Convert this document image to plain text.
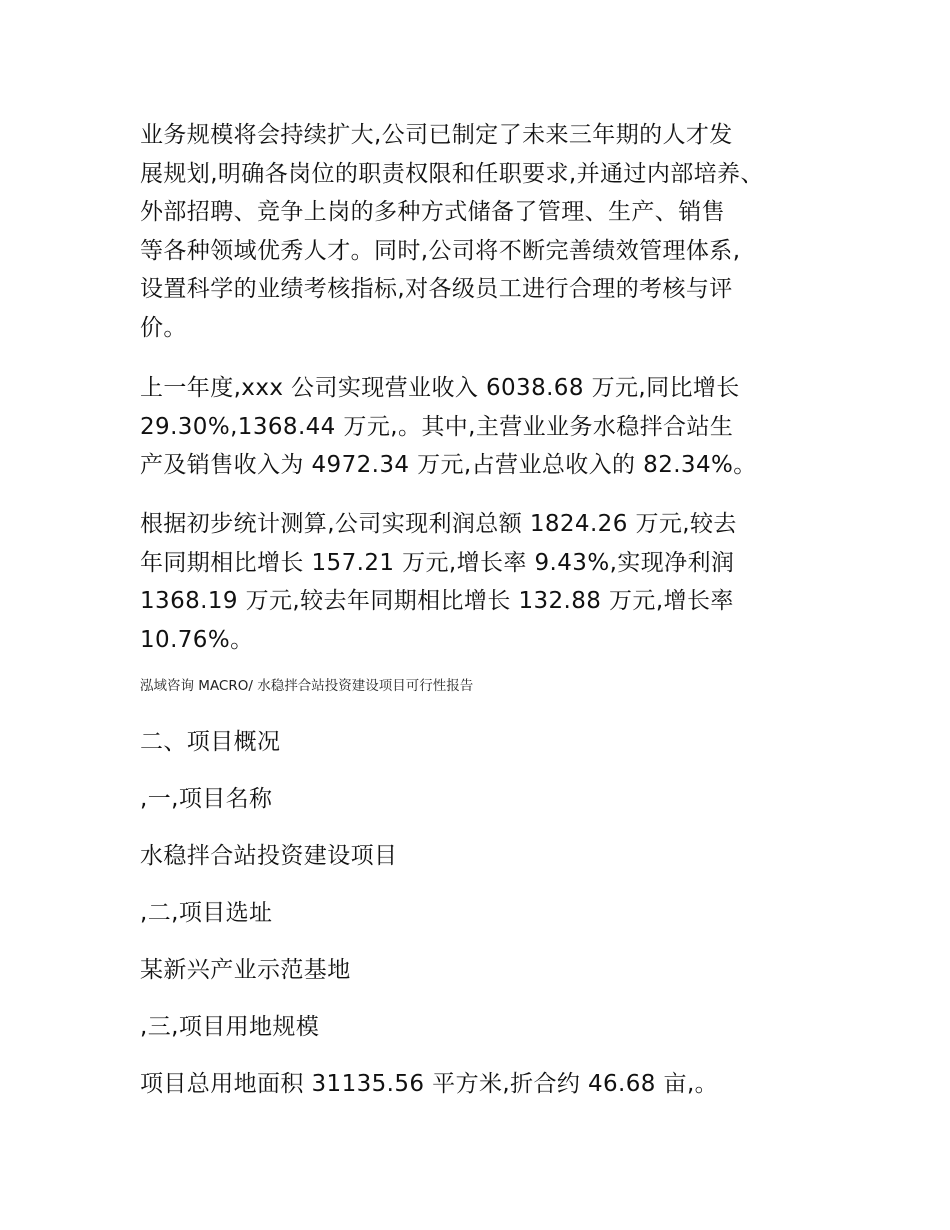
业务规模将会持续扩大,公司已制定了未来三年期的人才发
展规划,明确各岗位的职责权限和任职要求,并通过内部培养、
外部招聘、竞争上岗的多种方式储备了管理、生产、销售
等各种领域优秀人才。同时,公司将不断完善绩效管理体系,
设置科学的业绩考核指标,对各级员工进行合理的考核与评
价。

上一年度,xxx 公司实现营业收入 6038.68 万元,同比增长
29.30%,1368.44 万元,。其中,主营业业务水稳拌合站生
产及销售收入为 4972.34 万元,占营业总收入的 82.34%。

根据初步统计测算,公司实现利润总额 1824.26 万元,较去
年同期相比增长 157.21 万元,增长率 9.43%,实现净利润
1368.19 万元,较去年同期相比增长 132.88 万元,增长率
10.76%。

泓域咨询 MACRO/ 水稳拌合站投资建设项目可行性报告

二、项目概况

,一,项目名称

水稳拌合站投资建设项目

,二,项目选址

某新兴产业示范基地

,三,项目用地规模

项目总用地面积 31135.56 平方米,折合约 46.68 亩,。
